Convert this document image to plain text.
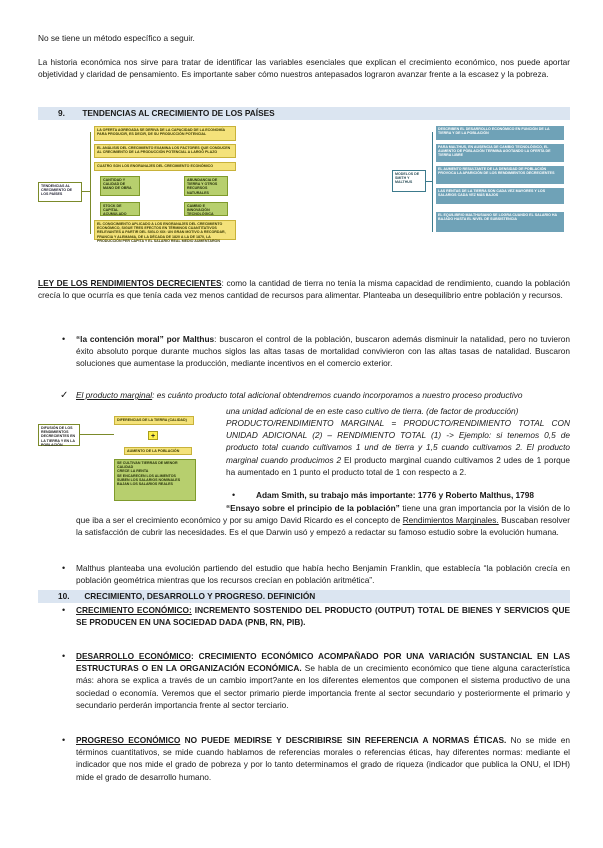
No se tiene un método específico a seguir.
La historia económica nos sirve para tratar de identificar las variables esenciales que explican el crecimiento económico, nos puede aportar objetividad y claridad de pensamiento. Es importante saber cómo nuestros antepasados lograron avanzar frente a la escasez y la pobreza.
9. TENDENCIAS AL CRECIMIENTO DE LOS PAÍSES
TENDENCIAS AL CRECIMIENTO DE LOS PAÍSES
LA OFERTA AGREGADA SE DERIVA DE LA CAPACIDAD DE LA ECONOMÍA PARA PRODUCIR, ES DECIR, DE SU PRODUCCIÓN POTENCIAL
EL ANÁLISIS DEL CRECIMIENTO EXAMINA LOS FACTORES QUE CONDUCEN AL CRECIMIENTO DE LA PRODUCCIÓN POTENCIAL A LARGO PLAZO
CUATRO SON LOS ENGRANAJES DEL CRECIMIENTO ECONÓMICO
CANTIDAD Y CALIDAD DE MANO DE OBRA
ABUNDANCIA DE TIERRA Y OTROS RECURSOS NATURALES
STOCK DE CAPITAL ACUMULADO
CAMBIO E INNOVACIÓN TECNOLÓGICA
EL CONOCIMIENTO APLICADO A LOS ENGRANAJES DEL CRECIMIENTO ECONÓMICO, SIGUE TRES EFECTOS EN TÉRMINOS CUANTITATIVOS RELEVANTES A PARTIR DEL SIGLO XIX: UN GRAN MOTIVO A RECORDAR, FRANCIA Y ALEMANIA, DE LA DÉCADA DE 1820 A LA DE 1870, LA PRODUCCIÓN PER CÁPITA Y EL SALARIO REAL MEDIO AUMENTARON
MODELOS DE SMITH Y MALTHUS
DESCRIBEN EL DESARROLLO ECONÓMICO EN FUNCIÓN DE LA TIERRA Y DE LA POBLACIÓN
PARA MALTHUS, EN AUSENCIA DE CAMBIO TECNOLÓGICO, EL AUMENTO DE POBLACIÓN TERMINA AGOTANDO LA OFERTA DE TIERRA LIBRE
EL AUMENTO RESULTANTE DE LA DENSIDAD DE POBLACIÓN PROVOCA LA APARICIÓN DE LOS RENDIMIENTOS DECRECIENTES
LAS RENTAS DE LA TIERRA SON CADA VEZ MAYORES Y LOS SALARIOS CADA VEZ MÁS BAJOS
EL EQUILIBRIO MALTHUSIANO SE LOGRA CUANDO EL SALARIO HA BAJADO HASTA EL NIVEL DE SUBSISTENCIA
LEY DE LOS RENDIMIENTOS DECRECIENTES: como la cantidad de tierra no tenía la misma capacidad de rendimiento, cuando la población crecía lo que ocurría es que tenía cada vez menos cantidad de recursos para alimentar. Planteaba un desequilibrio entre población y recursos.
• “la contención moral” por Malthus: buscaron el control de la población, buscaron además disminuir la natalidad, pero no tuvieron éxito absoluto porque durante muchos siglos las altas tasas de mortalidad convivieron con las altas tasas de natalidad. Buscaron soluciones que aumentase la producción, mediante incentivos en el comercio exterior.
✓ El producto marginal: es cuánto producto total adicional obtendremos cuando incorporamos a nuestro proceso productivo
DIFUSIÓN DE LOS RENDIMIENTOS DECRECIENTES EN LA TIERRA Y EN LA POBLACIÓN
DIFERENCIAS DE LA TIERRA (CALIDAD)
+
AUMENTO DE LA POBLACIÓN
SE CULTIVAN TIERRAS DE MENOR CALIDAD
CRECE LA RENTA
SE ENCARECEN LOS ALIMENTOS
SUBEN LOS SALARIOS NOMINALES
BAJAN LOS SALARIOS REALES
una unidad adicional de en este caso cultivo de tierra. (de factor de producción)
PRODUCTO/RENDIMIENTO MARGINAL = PRODUCTO/RENDIMIENTO TOTAL CON UNIDAD ADICIONAL (2) – RENDIMIENTO TOTAL (1) -> Ejemplo: si tenemos 0,5 de producto total cuando cultivamos 1 und de tierra y 1,5 cuando cultivamos 2. El producto marginal cuando producimos 2 El producto marginal cuando cultivamos 2 udes de 1 porque ha aumentado en 1 punto el producto total de 1 con respecto a 2.
•	Adam Smith, su trabajo más importante: 1776 y Roberto Malthus, 1798
“Ensayo sobre el principio de la población” tiene una gran importancia por la visión de lo que iba a ser el crecimiento económico y por su amigo David Ricardo es el concepto de Rendimientos Marginales. Buscaban resolver la satisfacción de cubrir las necesidades. Es el que Darwin usó y empezó a redactar su famoso estudio sobre la evolución humana.
• Malthus planteaba una evolución partiendo del estudio que había hecho Benjamin Franklin, que establecía “la población crecía en población geométrica mientras que los recursos crecían en población aritmética”.
10. CRECIMIENTO, DESARROLLO Y PROGRESO. DEFINICIÓN
• CRECIMIENTO ECONÓMICO: INCREMENTO SOSTENIDO DEL PRODUCTO (OUTPUT) TOTAL DE BIENES Y SERVICIOS QUE SE PRODUCEN EN UNA SOCIEDAD DADA (PNB, RN, PIB).
• DESARROLLO ECONÓMICO: CRECIMIENTO ECONÓMICO ACOMPAÑADO POR UNA VARIACIÓN SUSTANCIAL EN LAS ESTRUCTURAS O EN LA ORGANIZACIÓN ECONÓMICA. Se habla de un crecimiento económico que tiene alguna característica más: ahora se explica a través de un cambio import?ante en los diferentes elementos que componen el sistema productivo de una sociedad o economía. Veremos que el sector primario pierde importancia frente al sector secundario y posteriormente el primario y secundario perderán importancia frente al sector terciario.
• PROGRESO ECONÓMICO NO PUEDE MEDIRSE Y DESCRIBIRSE SIN REFERENCIA A NORMAS ÉTICAS. No se mide en términos cuantitativos, se mide cuando hablamos de referencias morales o referencias éticas, hay diferentes normas: mediante el indicador que nos mide el grado de pobreza y por lo tanto determinamos el grado de riqueza (indicador que publica la ONU, el IDH) mide el grado de desarrollo humano.
